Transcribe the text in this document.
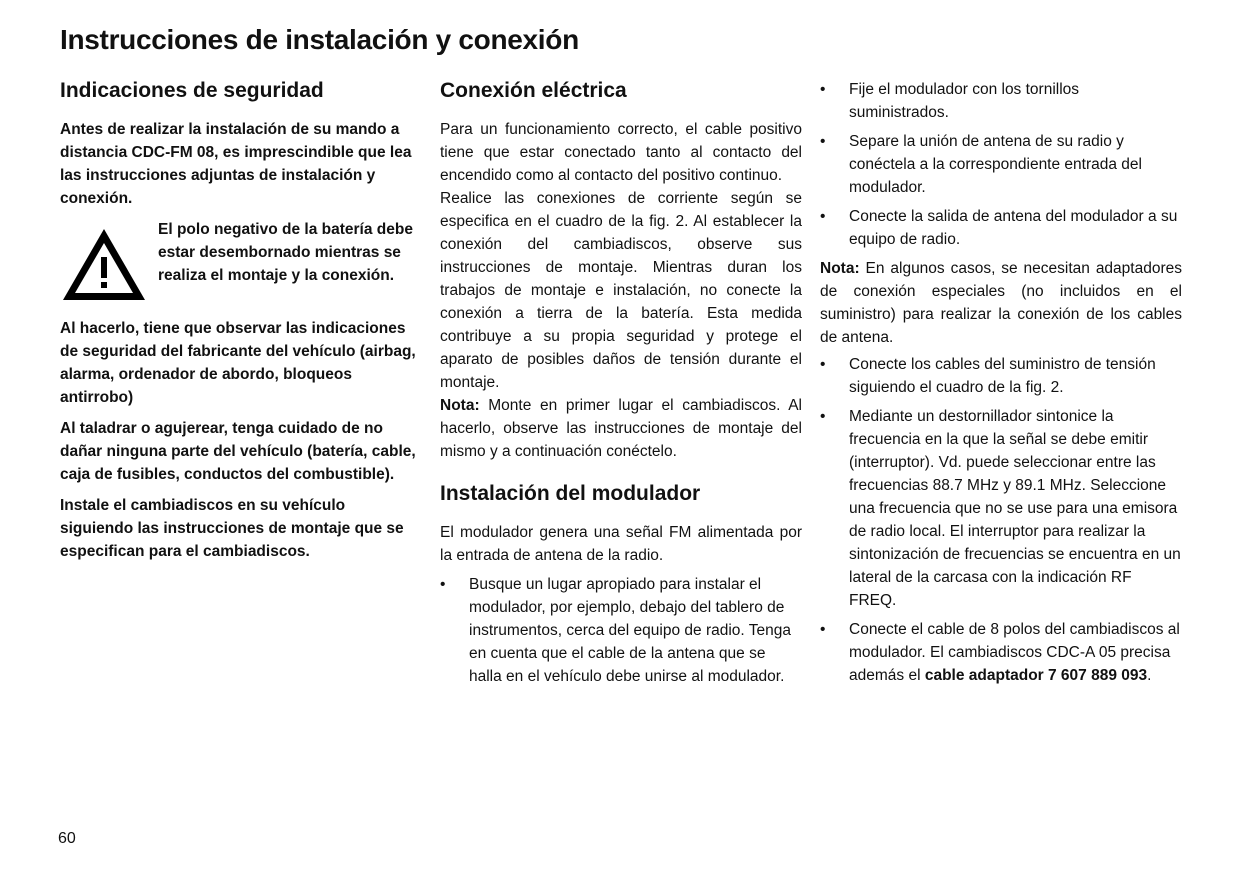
Instrucciones de instalación y conexión
Indicaciones de seguridad

Antes de realizar la instalación de su mando a distancia CDC-FM 08, es imprescindible que lea las instrucciones adjuntas de instalación y conexión.

El polo negativo de la batería debe estar desembornado mientras se realiza el montaje y la conexión.

Al hacerlo, tiene que observar las indicaciones de seguridad del fabricante del vehículo (airbag, alarma, ordenador de abordo, bloqueos antirrobo)

Al taladrar o agujerear, tenga cuidado de no dañar ninguna parte del vehículo (batería, cable, caja de fusibles, conductos del combustible).

Instale el cambiadiscos en su vehículo siguiendo las instrucciones de montaje que se especifican para el cambiadiscos.

Conexión eléctrica

Para un funcionamiento correcto, el cable positivo tiene que estar conectado tanto al contacto del encendido como al contacto del positivo continuo.

Realice las conexiones de corriente según se especifica en el cuadro de la fig. 2. Al establecer la conexión del cambiadiscos, observe sus instrucciones de montaje. Mientras duran los trabajos de montaje e instalación, no conecte la conexión a tierra de la batería. Esta medida contribuye a su propia seguridad y protege el aparato de posibles daños de tensión durante el montaje.

Nota: Monte en primer lugar el cambiadiscos. Al hacerlo, observe las instrucciones de montaje del mismo y a continuación conéctelo.

Instalación del modulador

El modulador genera una señal FM alimentada por la entrada de antena de la radio.

• Busque un lugar apropiado para instalar el modulador, por ejemplo, debajo del tablero de instrumentos, cerca del equipo de radio. Tenga en cuenta que el cable de la antena que se halla en el vehículo debe unirse al modulador.
• Fije el modulador con los tornillos suministrados.
• Separe la unión de antena de su radio y conéctela a la correspondiente entrada del modulador.
• Conecte la salida de antena del modulador a su equipo de radio.

Nota: En algunos casos, se necesitan adaptadores de conexión especiales (no incluidos en el suministro) para realizar la conexión de los cables de antena.

• Conecte los cables del suministro de tensión siguiendo el cuadro de la fig. 2.
• Mediante un destornillador sintonice la frecuencia en la que la señal se debe emitir (interruptor). Vd. puede seleccionar entre las frecuencias 88.7 MHz y 89.1 MHz. Seleccione una frecuencia que no se use para una emisora de radio local. El interruptor para realizar la sintonización de frecuencias se encuentra en un lateral de la carcasa con la indicación RF FREQ.
• Conecte el cable de 8 polos del cambiadiscos al modulador. El cambiadiscos CDC-A 05 precisa además el cable adaptador 7 607 889 093.
60
